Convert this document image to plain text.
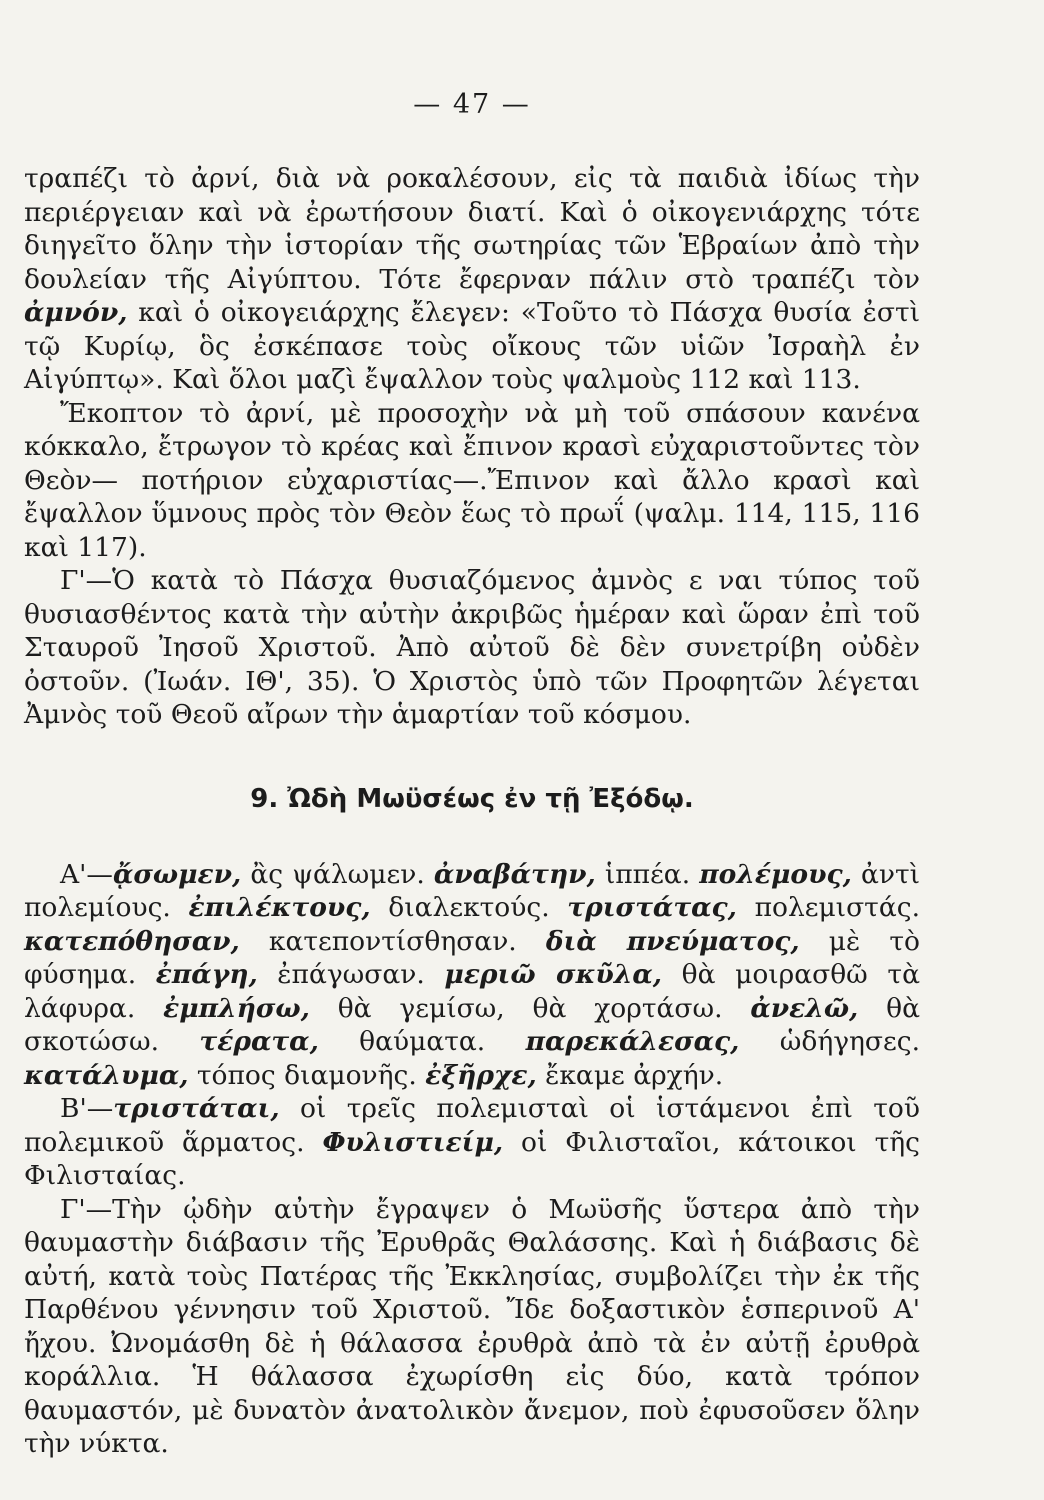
— 47 —

τραπέζι τὸ ἀρνί, διὰ νὰ ροκαλέσουν, εἰς τὰ παιδιὰ ἰδίως τὴν περιέργειαν καὶ νὰ ἐρωτήσουν διατί. Καὶ ὁ οἰκογενιάρχης τότε διηγεῖτο ὅλην τὴν ἱστορίαν τῆς σωτηρίας τῶν Ἑβραίων ἀπὸ τὴν δουλείαν τῆς Αἰγύπτου. Τότε ἔφερναν πάλιν στὸ τραπέζι τὸν ἀμνόν, καὶ ὁ οἰκογειάρχης ἔλεγεν: «Τοῦτο τὸ Πάσχα θυσία ἐστὶ τῷ Κυρίῳ, ὃς ἐσκέπασε τοὺς οἴκους τῶν υἱῶν Ἰσραὴλ ἐν Αἰγύπτῳ». Καὶ ὅλοι μαζὶ ἔψαλλον τοὺς ψαλμοὺς 112 καὶ 113.

Ἔκοπτον τὸ ἀρνί, μὲ προσοχὴν νὰ μὴ τοῦ σπάσουν κανένα κόκκαλο, ἔτρωγον τὸ κρέας καὶ ἔπινον κρασὶ εὐχαριστοῦντες τὸν Θεὸν— ποτήριον εὐχαριστίας—.Ἔπινον καὶ ἄλλο κρασὶ καὶ ἔψαλλον ὕμνους πρὸς τὸν Θεὸν ἕως τὸ πρωΐ (ψαλμ. 114, 115, 116 καὶ 117).

Γ'—Ὁ κατὰ τὸ Πάσχα θυσιαζόμενος ἀμνὸς ε ναι τύπος τοῦ θυσιασθέντος κατὰ τὴν αὐτὴν ἀκριβῶς ἡμέραν καὶ ὥραν ἐπὶ τοῦ Σταυροῦ Ἰησοῦ Χριστοῦ. Ἀπὸ αὐτοῦ δὲ δὲν συνετρίβη οὐδὲν ὀστοῦν. (Ἰωάν. ΙΘ', 35). Ὁ Χριστὸς ὑπὸ τῶν Προφητῶν λέγεται Ἀμνὸς τοῦ Θεοῦ αἴρων τὴν ἁμαρτίαν τοῦ κόσμου.

9. Ὠδὴ Μωϋσέως ἐν τῇ Ἐξόδῳ.

Α'—ᾄσωμεν, ἂς ψάλωμεν. ἀναβάτην, ἱππέα. πολέμους, ἀντὶ πολεμίους. ἐπιλέκτους, διαλεκτούς. τριστάτας, πολεμιστάς. κατεπόθησαν, κατεποντίσθησαν. διὰ πνεύματος, μὲ τὸ φύσημα. ἐπάγη, ἐπάγωσαν. μεριῶ σκῦλα, θὰ μοιρασθῶ τὰ λάφυρα. ἐμπλήσω, θὰ γεμίσω, θὰ χορτάσω. ἀνελῶ, θὰ σκοτώσω. τέρατα, θαύματα. παρεκάλεσας, ὡδήγησες. κατάλυμα, τόπος διαμονῆς. ἐξῆρχε, ἔκαμε ἀρχήν.

Β'—τριστάται, οἱ τρεῖς πολεμισταὶ οἱ ἱστάμενοι ἐπὶ τοῦ πολεμικοῦ ἅρματος. Φυλιστιείμ, οἱ Φιλισταῖοι, κάτοικοι τῆς Φιλισταίας.

Γ'—Τὴν ᾠδὴν αὐτὴν ἔγραψεν ὁ Μωϋσῆς ὕστερα ἀπὸ τὴν θαυμαστὴν διάβασιν τῆς Ἐρυθρᾶς Θαλάσσης. Καὶ ἡ διάβασις δὲ αὐτή, κατὰ τοὺς Πατέρας τῆς Ἐκκλησίας, συμβολίζει τὴν ἐκ τῆς Παρθένου γέννησιν τοῦ Χριστοῦ. Ἴδε δοξαστικὸν ἑσπερινοῦ Α' ἤχου. Ὠνομάσθη δὲ ἡ θάλασσα ἐρυθρὰ ἀπὸ τὰ ἐν αὐτῇ ἐρυθρὰ κοράλλια. Ἡ θάλασσα ἐχωρίσθη εἰς δύο, κατὰ τρόπον θαυμαστόν, μὲ δυνατὸν ἀνατολικὸν ἄνεμον, ποὺ ἐφυσοῦσεν ὅλην τὴν νύκτα.
